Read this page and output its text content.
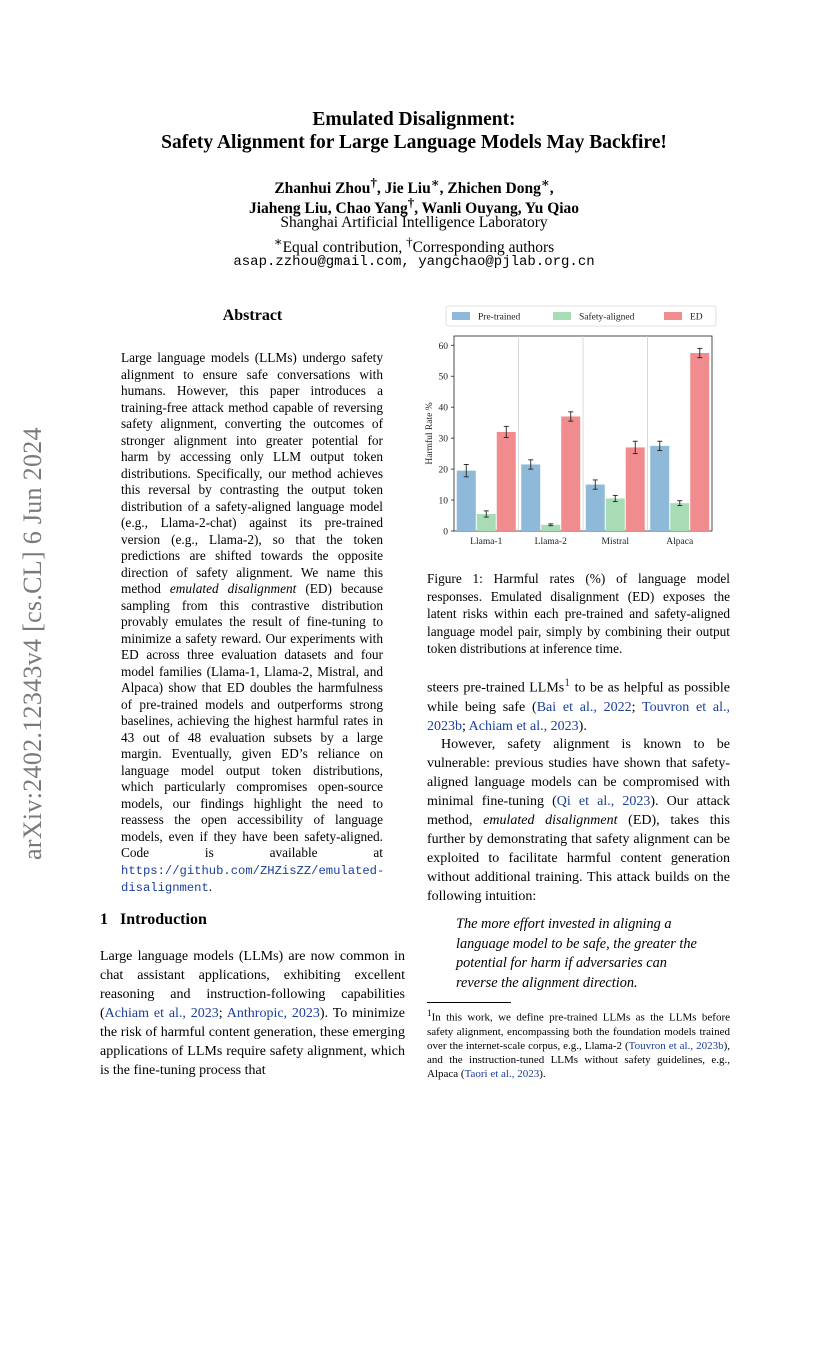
arXiv:2402.12343v4 [cs.CL] 6 Jun 2024
Emulated Disalignment:
Safety Alignment for Large Language Models May Backfire!
Zhanhui Zhou†, Jie Liu∗, Zhichen Dong∗,
Jiaheng Liu, Chao Yang†, Wanli Ouyang, Yu Qiao
Shanghai Artificial Intelligence Laboratory
∗Equal contribution, †Corresponding authors
asap.zzhou@gmail.com, yangchao@pjlab.org.cn
Abstract
Large language models (LLMs) undergo safety alignment to ensure safe conversations with humans. However, this paper introduces a training-free attack method capable of reversing safety alignment, converting the outcomes of stronger alignment into greater potential for harm by accessing only LLM output token distributions. Specifically, our method achieves this reversal by contrasting the output token distribution of a safety-aligned language model (e.g., Llama-2-chat) against its pre-trained version (e.g., Llama-2), so that the token predictions are shifted towards the opposite direction of safety alignment. We name this method emulated disalignment (ED) because sampling from this contrastive distribution provably emulates the result of fine-tuning to minimize a safety reward. Our experiments with ED across three evaluation datasets and four model families (Llama-1, Llama-2, Mistral, and Alpaca) show that ED doubles the harmfulness of pre-trained models and outperforms strong baselines, achieving the highest harmful rates in 43 out of 48 evaluation subsets by a large margin. Eventually, given ED’s reliance on language model output token distributions, which particularly compromises open-source models, our findings highlight the need to reassess the open accessibility of language models, even if they have been safety-aligned. Code is available at https://github.com/ZHZisZZ/emulated-disalignment.
1 Introduction
Large language models (LLMs) are now common in chat assistant applications, exhibiting excellent reasoning and instruction-following capabilities (Achiam et al., 2023; Anthropic, 2023). To minimize the risk of harmful content generation, these emerging applications of LLMs require safety alignment, which is the fine-tuning process that
Pre-trained	Safety-aligned	ED
0
10
20
30
40
50
60
Harmful Rate %
Llama-1	Llama-2	Mistral	Alpaca
Figure 1: Harmful rates (%) of language model responses. Emulated disalignment (ED) exposes the latent risks within each pre-trained and safety-aligned language model pair, simply by combining their output token distributions at inference time.
steers pre-trained LLMs$^1$ to be as helpful as possible while being safe (Bai et al., 2022; Touvron et al., 2023b; Achiam et al., 2023).
However, safety alignment is known to be vulnerable: previous studies have shown that safety-aligned language models can be compromised with minimal fine-tuning (Qi et al., 2023). Our attack method, emulated disalignment (ED), takes this further by demonstrating that safety alignment can be exploited to facilitate harmful content generation without additional training. This attack builds on the following intuition:
The more effort invested in aligning a language model to be safe, the greater the potential for harm if adversaries can reverse the alignment direction.
$^1$In this work, we define pre-trained LLMs as the LLMs before safety alignment, encompassing both the foundation models trained over the internet-scale corpus, e.g., Llama-2 (Touvron et al., 2023b), and the instruction-tuned LLMs without safety guidelines, e.g., Alpaca (Taori et al., 2023).
